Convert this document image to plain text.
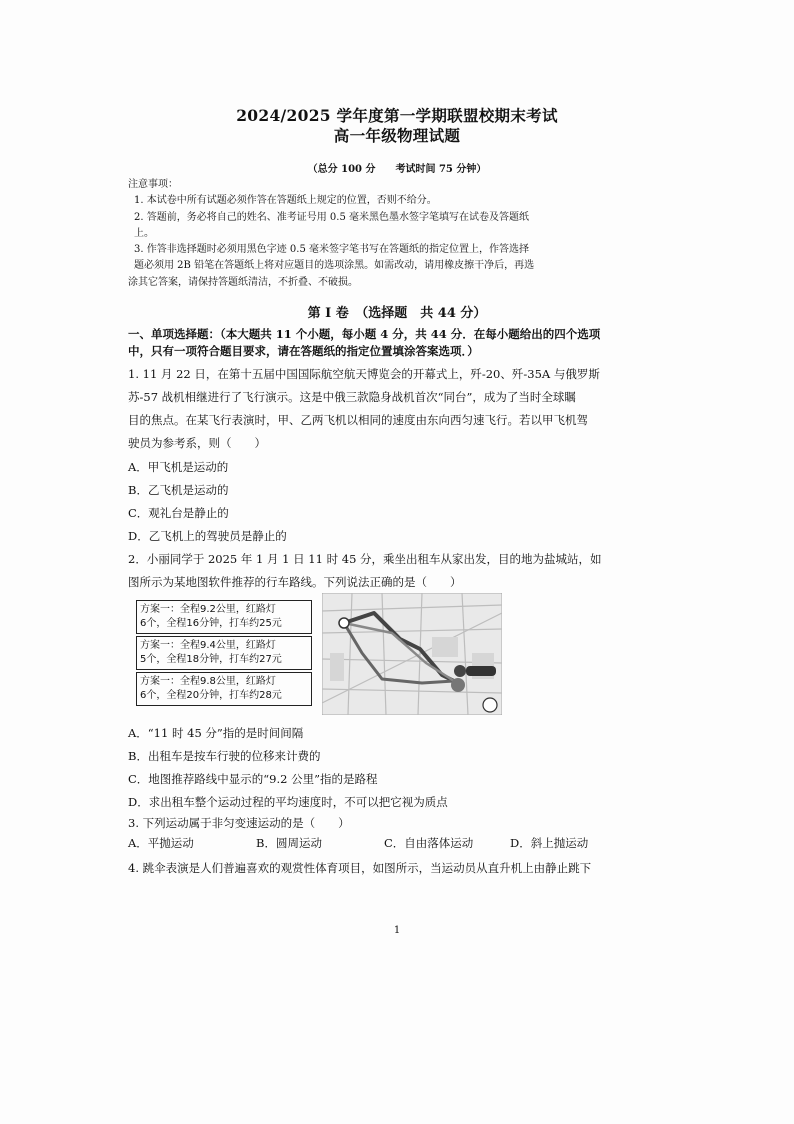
2024/2025 学年度第一学期联盟校期末考试
高一年级物理试题
（总分 100 分　　考试时间 75 分钟）
注意事项：
1. 本试卷中所有试题必须作答在答题纸上规定的位置，否则不给分。
2. 答题前，务必将自己的姓名、准考证号用 0.5 毫米黑色墨水签字笔填写在试卷及答题纸
上。
3. 作答非选择题时必须用黑色字迹 0.5 毫米签字笔书写在答题纸的指定位置上，作答选择
题必须用 2B 铅笔在答题纸上将对应题目的选项涂黑。如需改动，请用橡皮擦干净后，再选
涂其它答案，请保持答题纸清洁，不折叠、不破损。
第 I 卷　（选择题　共 44 分）
一、单项选择题：（本大题共 11 个小题，每小题 4 分，共 44 分．在每小题给出的四个选项
中，只有一项符合题目要求，请在答题纸的指定位置填涂答案选项．）
1. 11 月 22 日，在第十五届中国国际航空航天博览会的开幕式上，歼-20、歼-35A 与俄罗斯
苏-57 战机相继进行了飞行演示。这是中俄三款隐身战机首次“同台”，成为了当时全球瞩
目的焦点。在某飞行表演时，甲、乙两飞机以相同的速度由东向西匀速飞行。若以甲飞机驾
驶员为参考系，则（　　）
A．甲飞机是运动的
B．乙飞机是运动的
C．观礼台是静止的
D．乙飞机上的驾驶员是静止的
2．小丽同学于 2025 年 1 月 1 日 11 时 45 分，乘坐出租车从家出发，目的地为盐城站，如
图所示为某地图软件推荐的行车路线。下列说法正确的是（　　）
方案一：全程9.2公里，红路灯
6个，全程16分钟，打车约25元
方案一：全程9.4公里，红路灯
5个，全程18分钟，打车约27元
方案一：全程9.8公里，红路灯
6个，全程20分钟，打车约28元
A．“11 时 45 分”指的是时间间隔
B．出租车是按车行驶的位移来计费的
C．地图推荐路线中显示的“9.2 公里”指的是路程
D．求出租车整个运动过程的平均速度时，不可以把它视为质点
3. 下列运动属于非匀变速运动的是（　　）
A．平抛运动	B．圆周运动	C．自由落体运动	D．斜上抛运动
4. 跳伞表演是人们普遍喜欢的观赏性体育项目，如图所示，当运动员从直升机上由静止跳下
1
